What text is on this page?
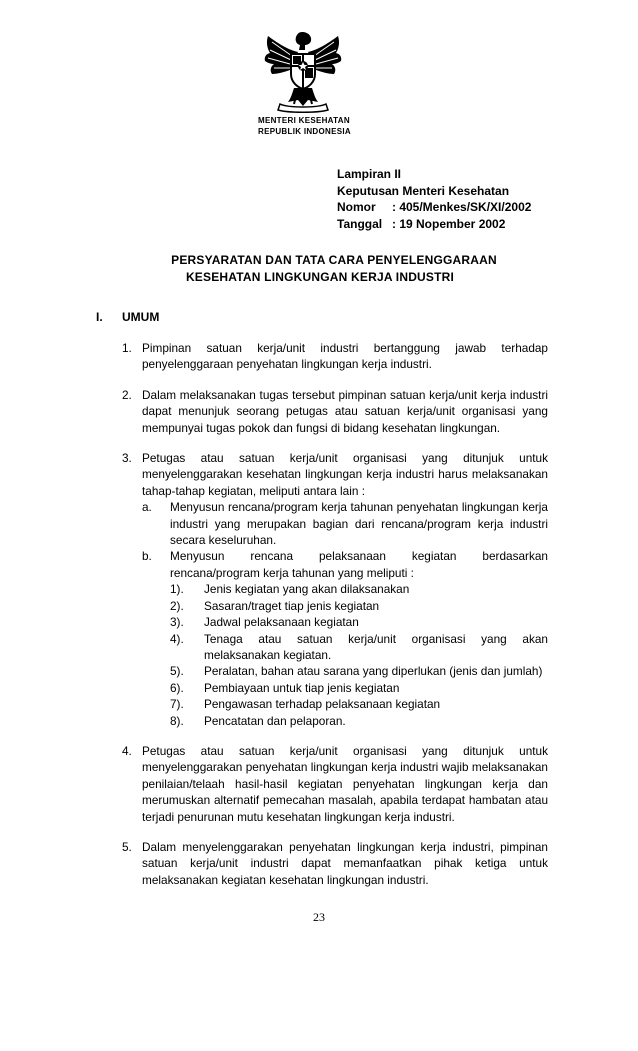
MENTERI KESEHATAN
REPUBLIK INDONESIA
Lampiran II
Keputusan Menteri Kesehatan
Nomor : 405/Menkes/SK/XI/2002
Tanggal : 19 Nopember 2002
PERSYARATAN DAN TATA CARA PENYELENGGARAAN
KESEHATAN LINGKUNGAN KERJA INDUSTRI
I. UMUM
1. Pimpinan satuan kerja/unit industri bertanggung jawab terhadap penyelenggaraan penyehatan lingkungan kerja industri.
2. Dalam melaksanakan tugas tersebut pimpinan satuan kerja/unit kerja industri dapat menunjuk seorang petugas atau satuan kerja/unit organisasi yang mempunyai tugas pokok dan fungsi di bidang kesehatan lingkungan.
3. Petugas atau satuan kerja/unit organisasi yang ditunjuk untuk menyelenggarakan kesehatan lingkungan kerja industri harus melaksanakan tahap-tahap kegiatan, meliputi antara lain :
a.	Menyusun rencana/program kerja tahunan penyehatan lingkungan kerja industri yang merupakan bagian dari rencana/program kerja industri secara keseluruhan.
b.	Menyusun rencana pelaksanaan kegiatan berdasarkan rencana/program kerja tahunan yang meliputi :
1).	Jenis kegiatan yang akan dilaksanakan
2).	Sasaran/traget tiap jenis kegiatan
3).	Jadwal pelaksanaan kegiatan
4).	Tenaga atau satuan kerja/unit organisasi yang akan melaksanakan kegiatan.
5).	Peralatan, bahan atau sarana yang diperlukan (jenis dan jumlah)
6).	Pembiayaan untuk tiap jenis kegiatan
7).	Pengawasan terhadap pelaksanaan kegiatan
8).	Pencatatan dan pelaporan.
4. Petugas atau satuan kerja/unit organisasi yang ditunjuk untuk menyelenggarakan penyehatan lingkungan kerja industri wajib melaksanakan penilaian/telaah hasil-hasil kegiatan penyehatan lingkungan kerja dan merumuskan alternatif pemecahan masalah, apabila terdapat hambatan atau terjadi penurunan mutu kesehatan lingkungan kerja industri.
5. Dalam menyelenggarakan penyehatan lingkungan kerja industri, pimpinan satuan kerja/unit industri dapat memanfaatkan pihak ketiga untuk melaksanakan kegiatan kesehatan lingkungan industri.
23
